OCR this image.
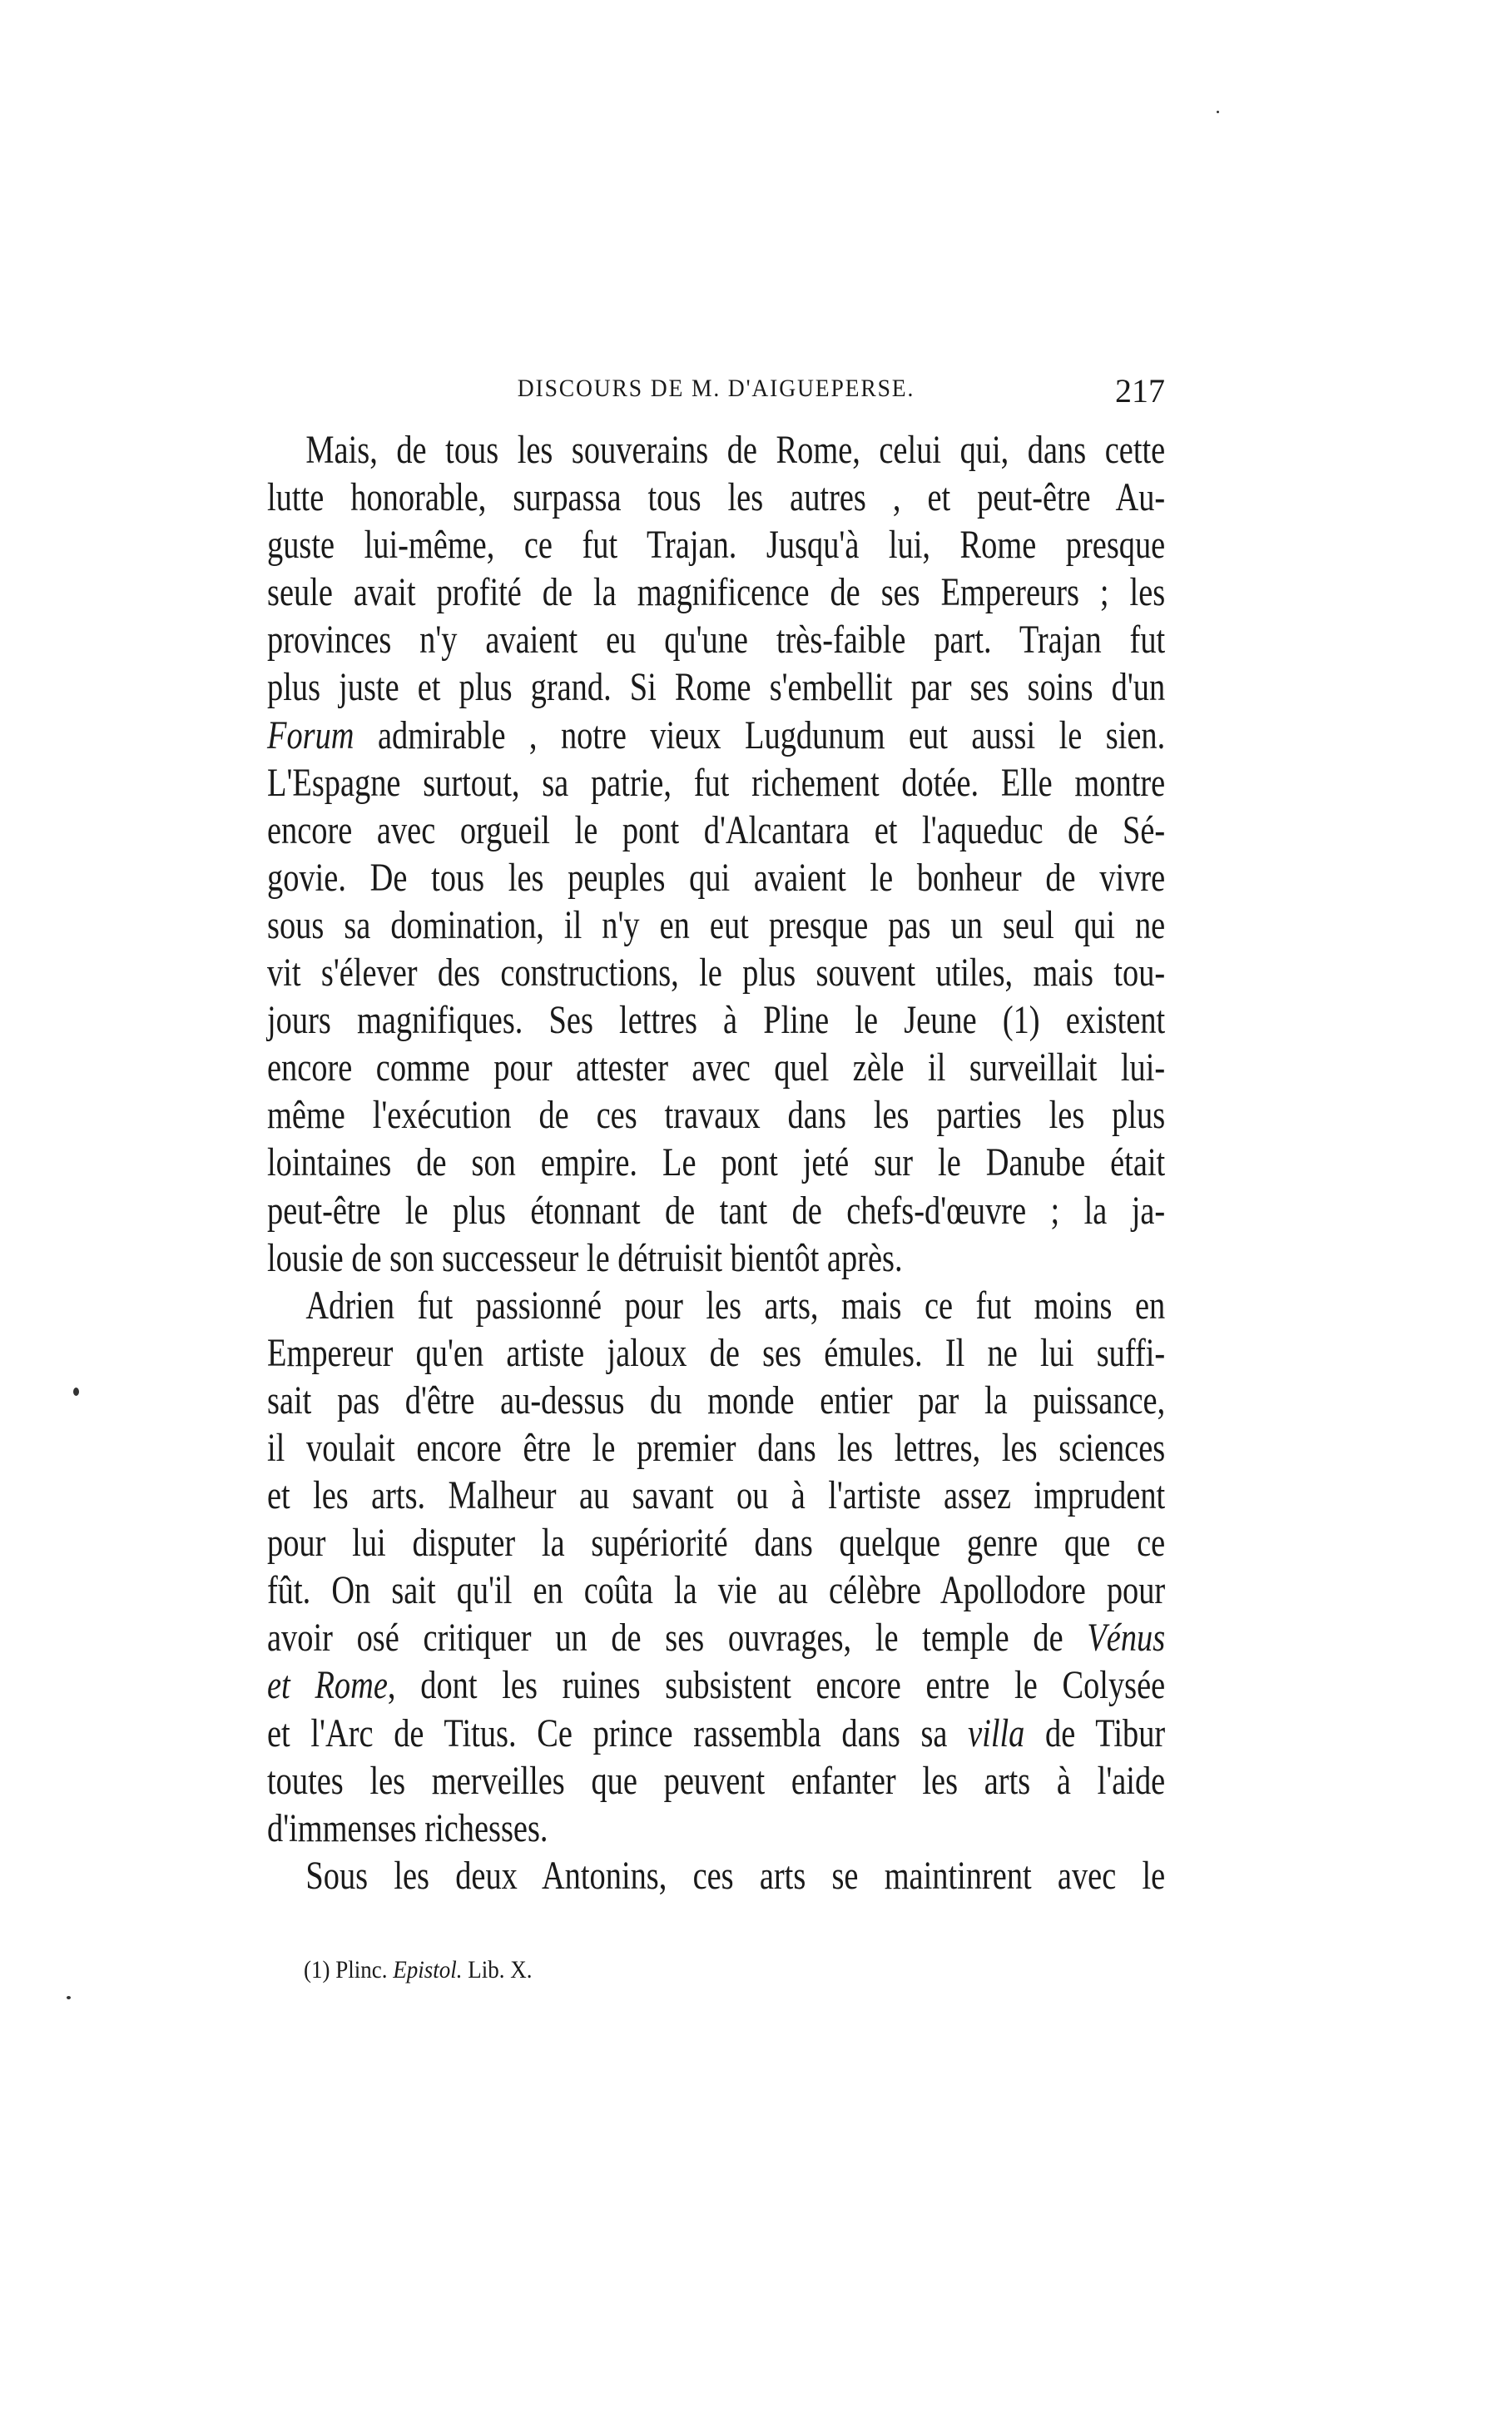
DISCOURS DE M. D'AIGUEPERSE.	217
Mais, de tous les souverains de Rome, celui qui, dans cette
lutte honorable, surpassa tous les autres , et peut-être Au-
guste lui-même, ce fut Trajan. Jusqu'à lui, Rome presque
seule avait profité de la magnificence de ses Empereurs ; les
provinces n'y avaient eu qu'une très-faible part. Trajan fut
plus juste et plus grand. Si Rome s'embellit par ses soins d'un
Forum admirable , notre vieux Lugdunum eut aussi le sien.
L'Espagne surtout, sa patrie, fut richement dotée. Elle montre
encore avec orgueil le pont d'Alcantara et l'aqueduc de Sé-
govie. De tous les peuples qui avaient le bonheur de vivre
sous sa domination, il n'y en eut presque pas un seul qui ne
vit s'élever des constructions, le plus souvent utiles, mais tou-
jours magnifiques. Ses lettres à Pline le Jeune (1) existent
encore comme pour attester avec quel zèle il surveillait lui-
même l'exécution de ces travaux dans les parties les plus
lointaines de son empire. Le pont jeté sur le Danube était
peut-être le plus étonnant de tant de chefs-d'œuvre ; la ja-
lousie de son successeur le détruisit bientôt après.
Adrien fut passionné pour les arts, mais ce fut moins en
Empereur qu'en artiste jaloux de ses émules. Il ne lui suffi-
sait pas d'être au-dessus du monde entier par la puissance,
il voulait encore être le premier dans les lettres, les sciences
et les arts. Malheur au savant ou à l'artiste assez imprudent
pour lui disputer la supériorité dans quelque genre que ce
fût. On sait qu'il en coûta la vie au célèbre Apollodore pour
avoir osé critiquer un de ses ouvrages, le temple de Vénus
et Rome, dont les ruines subsistent encore entre le Colysée
et l'Arc de Titus. Ce prince rassembla dans sa villa de Tibur
toutes les merveilles que peuvent enfanter les arts à l'aide
d'immenses richesses.
Sous les deux Antonins, ces arts se maintinrent avec le
(1) Plinc. Epistol. Lib. X.
